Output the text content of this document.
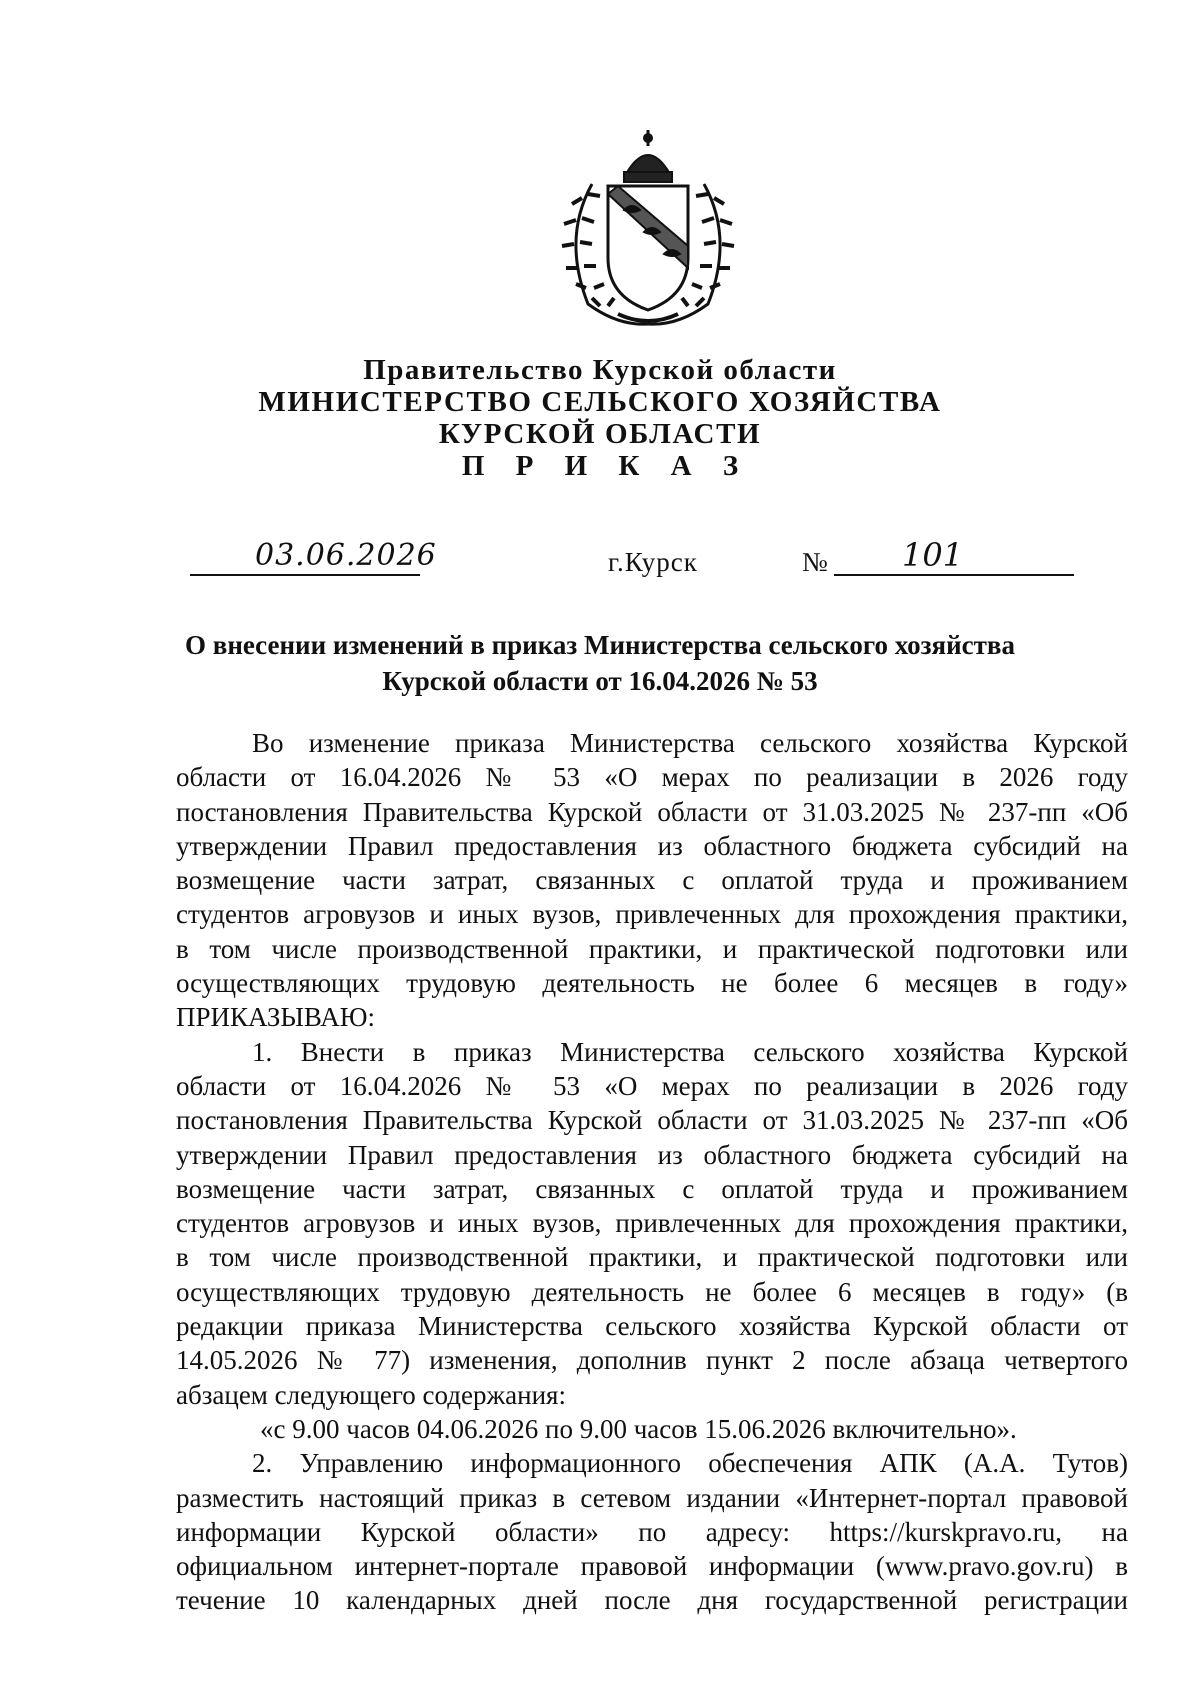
Правительство Курской области
МИНИСТЕРСТВО СЕЛЬСКОГО ХОЗЯЙСТВА
КУРСКОЙ ОБЛАСТИ
П Р И К А З
03.06.2026	г.Курск	№ 101
О внесении изменений в приказ Министерства сельского хозяйства
Курской области от 16.04.2026 № 53

Во изменение приказа Министерства сельского хозяйства Курской

области от 16.04.2026 № 53 «О мерах по реализации в 2026 году

постановления Правительства Курской области от 31.03.2025 № 237-пп «Об

утверждении Правил предоставления из областного бюджета субсидий на

возмещение части затрат, связанных с оплатой труда и проживанием

студентов агровузов и иных вузов, привлеченных для прохождения практики,

в том числе производственной практики, и практической подготовки или

осуществляющих трудовую деятельность не более 6 месяцев в году»

ПРИКАЗЫВАЮ:

1. Внести в приказ Министерства сельского хозяйства Курской

области от 16.04.2026 № 53 «О мерах по реализации в 2026 году

постановления Правительства Курской области от 31.03.2025 № 237-пп «Об

утверждении Правил предоставления из областного бюджета субсидий на

возмещение части затрат, связанных с оплатой труда и проживанием

студентов агровузов и иных вузов, привлеченных для прохождения практики,

в том числе производственной практики, и практической подготовки или

осуществляющих трудовую деятельность не более 6 месяцев в году» (в

редакции приказа Министерства сельского хозяйства Курской области от

14.05.2026 № 77) изменения, дополнив пункт 2 после абзаца четвертого

абзацем следующего содержания:

«с 9.00 часов 04.06.2026 по 9.00 часов 15.06.2026 включительно».

2. Управлению информационного обеспечения АПК (А.А. Тутов)

разместить настоящий приказ в сетевом издании «Интернет-портал правовой

информации Курской области» по адресу: https://kurskpravo.ru, на

официальном интернет-портале правовой информации (www.pravo.gov.ru) в

течение 10 календарных дней после дня государственной регистрации
